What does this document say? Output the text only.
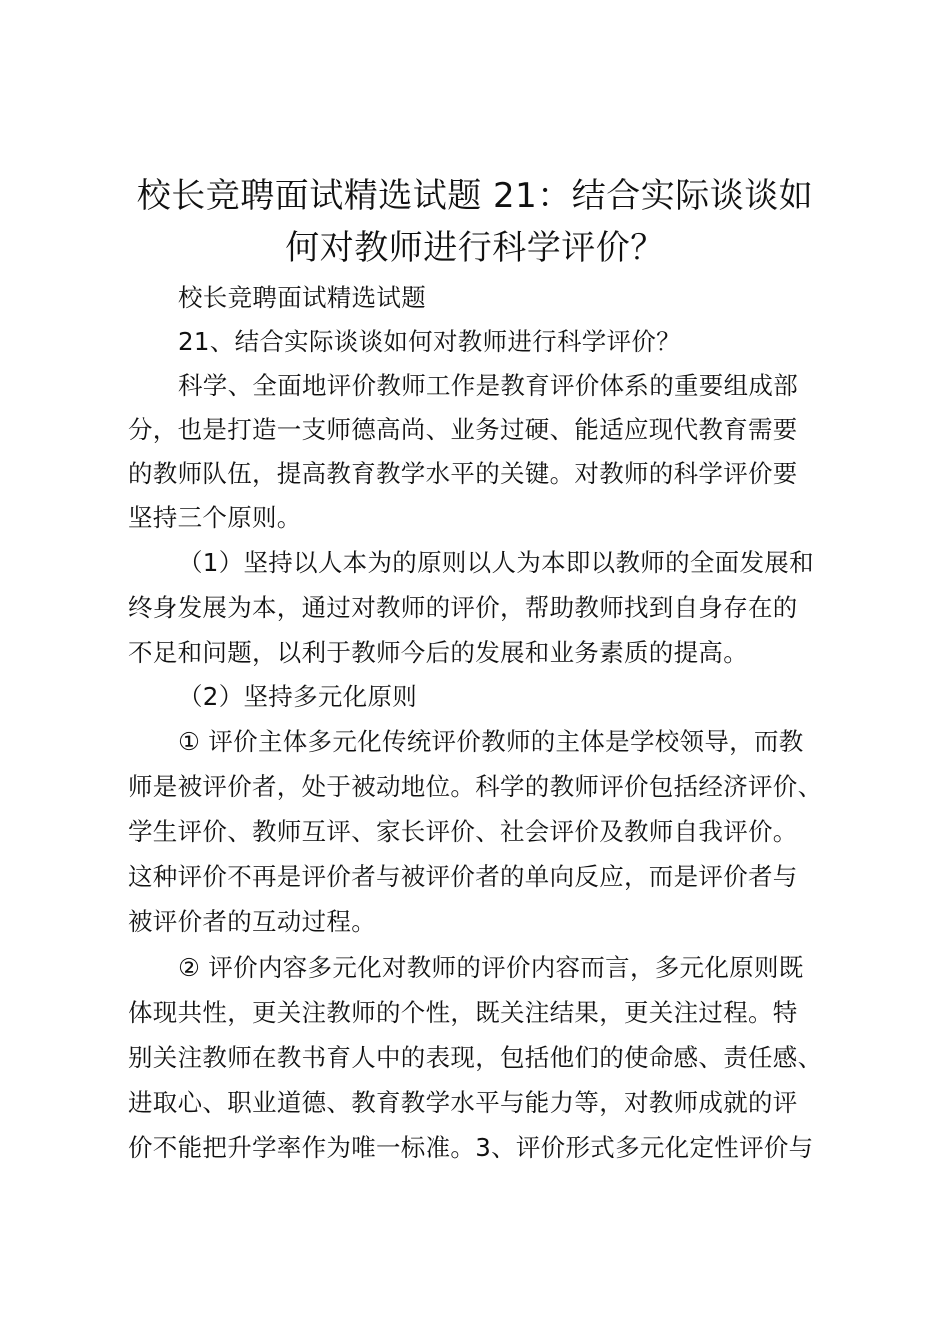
校长竞聘面试精选试题 21：结合实际谈谈如
何对教师进行科学评价？
校长竞聘面试精选试题
21、结合实际谈谈如何对教师进行科学评价？
科学、全面地评价教师工作是教育评价体系的重要组成部
分，也是打造一支师德高尚、业务过硬、能适应现代教育需要
的教师队伍，提高教育教学水平的关键。对教师的科学评价要
坚持三个原则。
（1）坚持以人本为的原则以人为本即以教师的全面发展和
终身发展为本，通过对教师的评价，帮助教师找到自身存在的
不足和问题，以利于教师今后的发展和业务素质的提高。
（2）坚持多元化原则
① 评价主体多元化传统评价教师的主体是学校领导，而教
师是被评价者，处于被动地位。科学的教师评价包括经济评价、
学生评价、教师互评、家长评价、社会评价及教师自我评价。
这种评价不再是评价者与被评价者的单向反应，而是评价者与
被评价者的互动过程。
② 评价内容多元化对教师的评价内容而言，多元化原则既
体现共性，更关注教师的个性，既关注结果，更关注过程。特
别关注教师在教书育人中的表现，包括他们的使命感、责任感、
进取心、职业道德、教育教学水平与能力等，对教师成就的评
价不能把升学率作为唯一标准。3、评价形式多元化定性评价与
